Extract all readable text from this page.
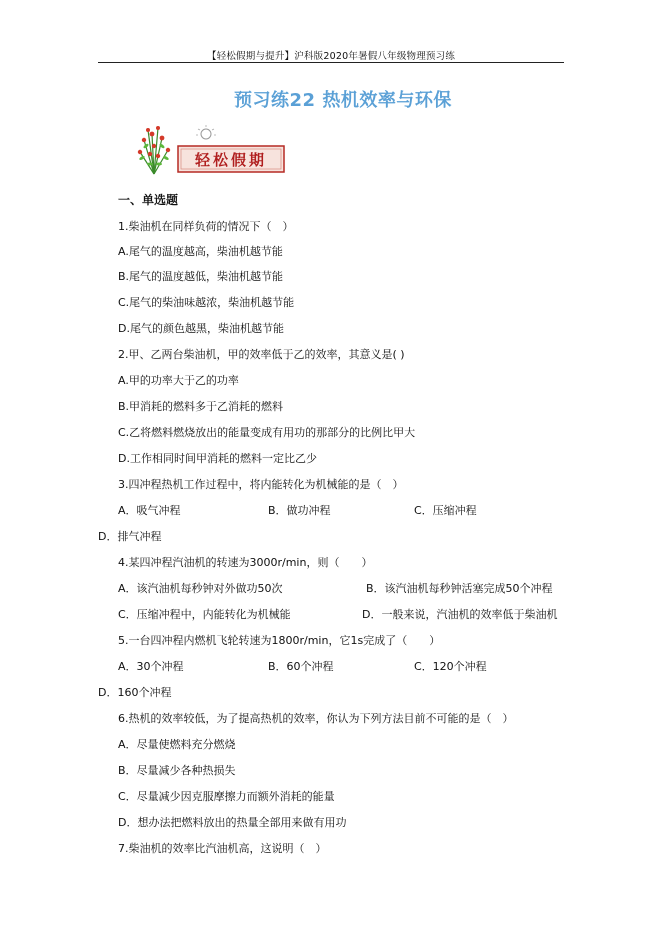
【轻松假期与提升】沪科版2020年暑假八年级物理预习练
预习练22 热机效率与环保
轻松假期
一、单选题
1.柴油机在同样负荷的情况下（　）
A.尾气的温度越高，柴油机越节能
B.尾气的温度越低，柴油机越节能
C.尾气的柴油味越浓，柴油机越节能
D.尾气的颜色越黑，柴油机越节能
2.甲、乙两台柴油机，甲的效率低于乙的效率，其意义是( )
A.甲的功率大于乙的功率
B.甲消耗的燃料多于乙消耗的燃料
C.乙将燃料燃烧放出的能量变成有用功的那部分的比例比甲大
D.工作相同时间甲消耗的燃料一定比乙少
3.四冲程热机工作过程中，将内能转化为机械能的是（　）
A．吸气冲程	B．做功冲程	C．压缩冲程
D．排气冲程
4.某四冲程汽油机的转速为3000r/min，则（　　）
A．该汽油机每秒钟对外做功50次	B．该汽油机每秒钟活塞完成50个冲程
C．压缩冲程中，内能转化为机械能	D．一般来说，汽油机的效率低于柴油机
5.一台四冲程内燃机飞轮转速为1800r/min，它1s完成了（　　）
A．30个冲程	B．60个冲程	C．120个冲程
D．160个冲程
6.热机的效率较低，为了提高热机的效率，你认为下列方法目前不可能的是（　）
A．尽量使燃料充分燃烧
B．尽量减少各种热损失
C．尽量减少因克服摩擦力而额外消耗的能量
D．想办法把燃料放出的热量全部用来做有用功
7.柴油机的效率比汽油机高，这说明（　）
